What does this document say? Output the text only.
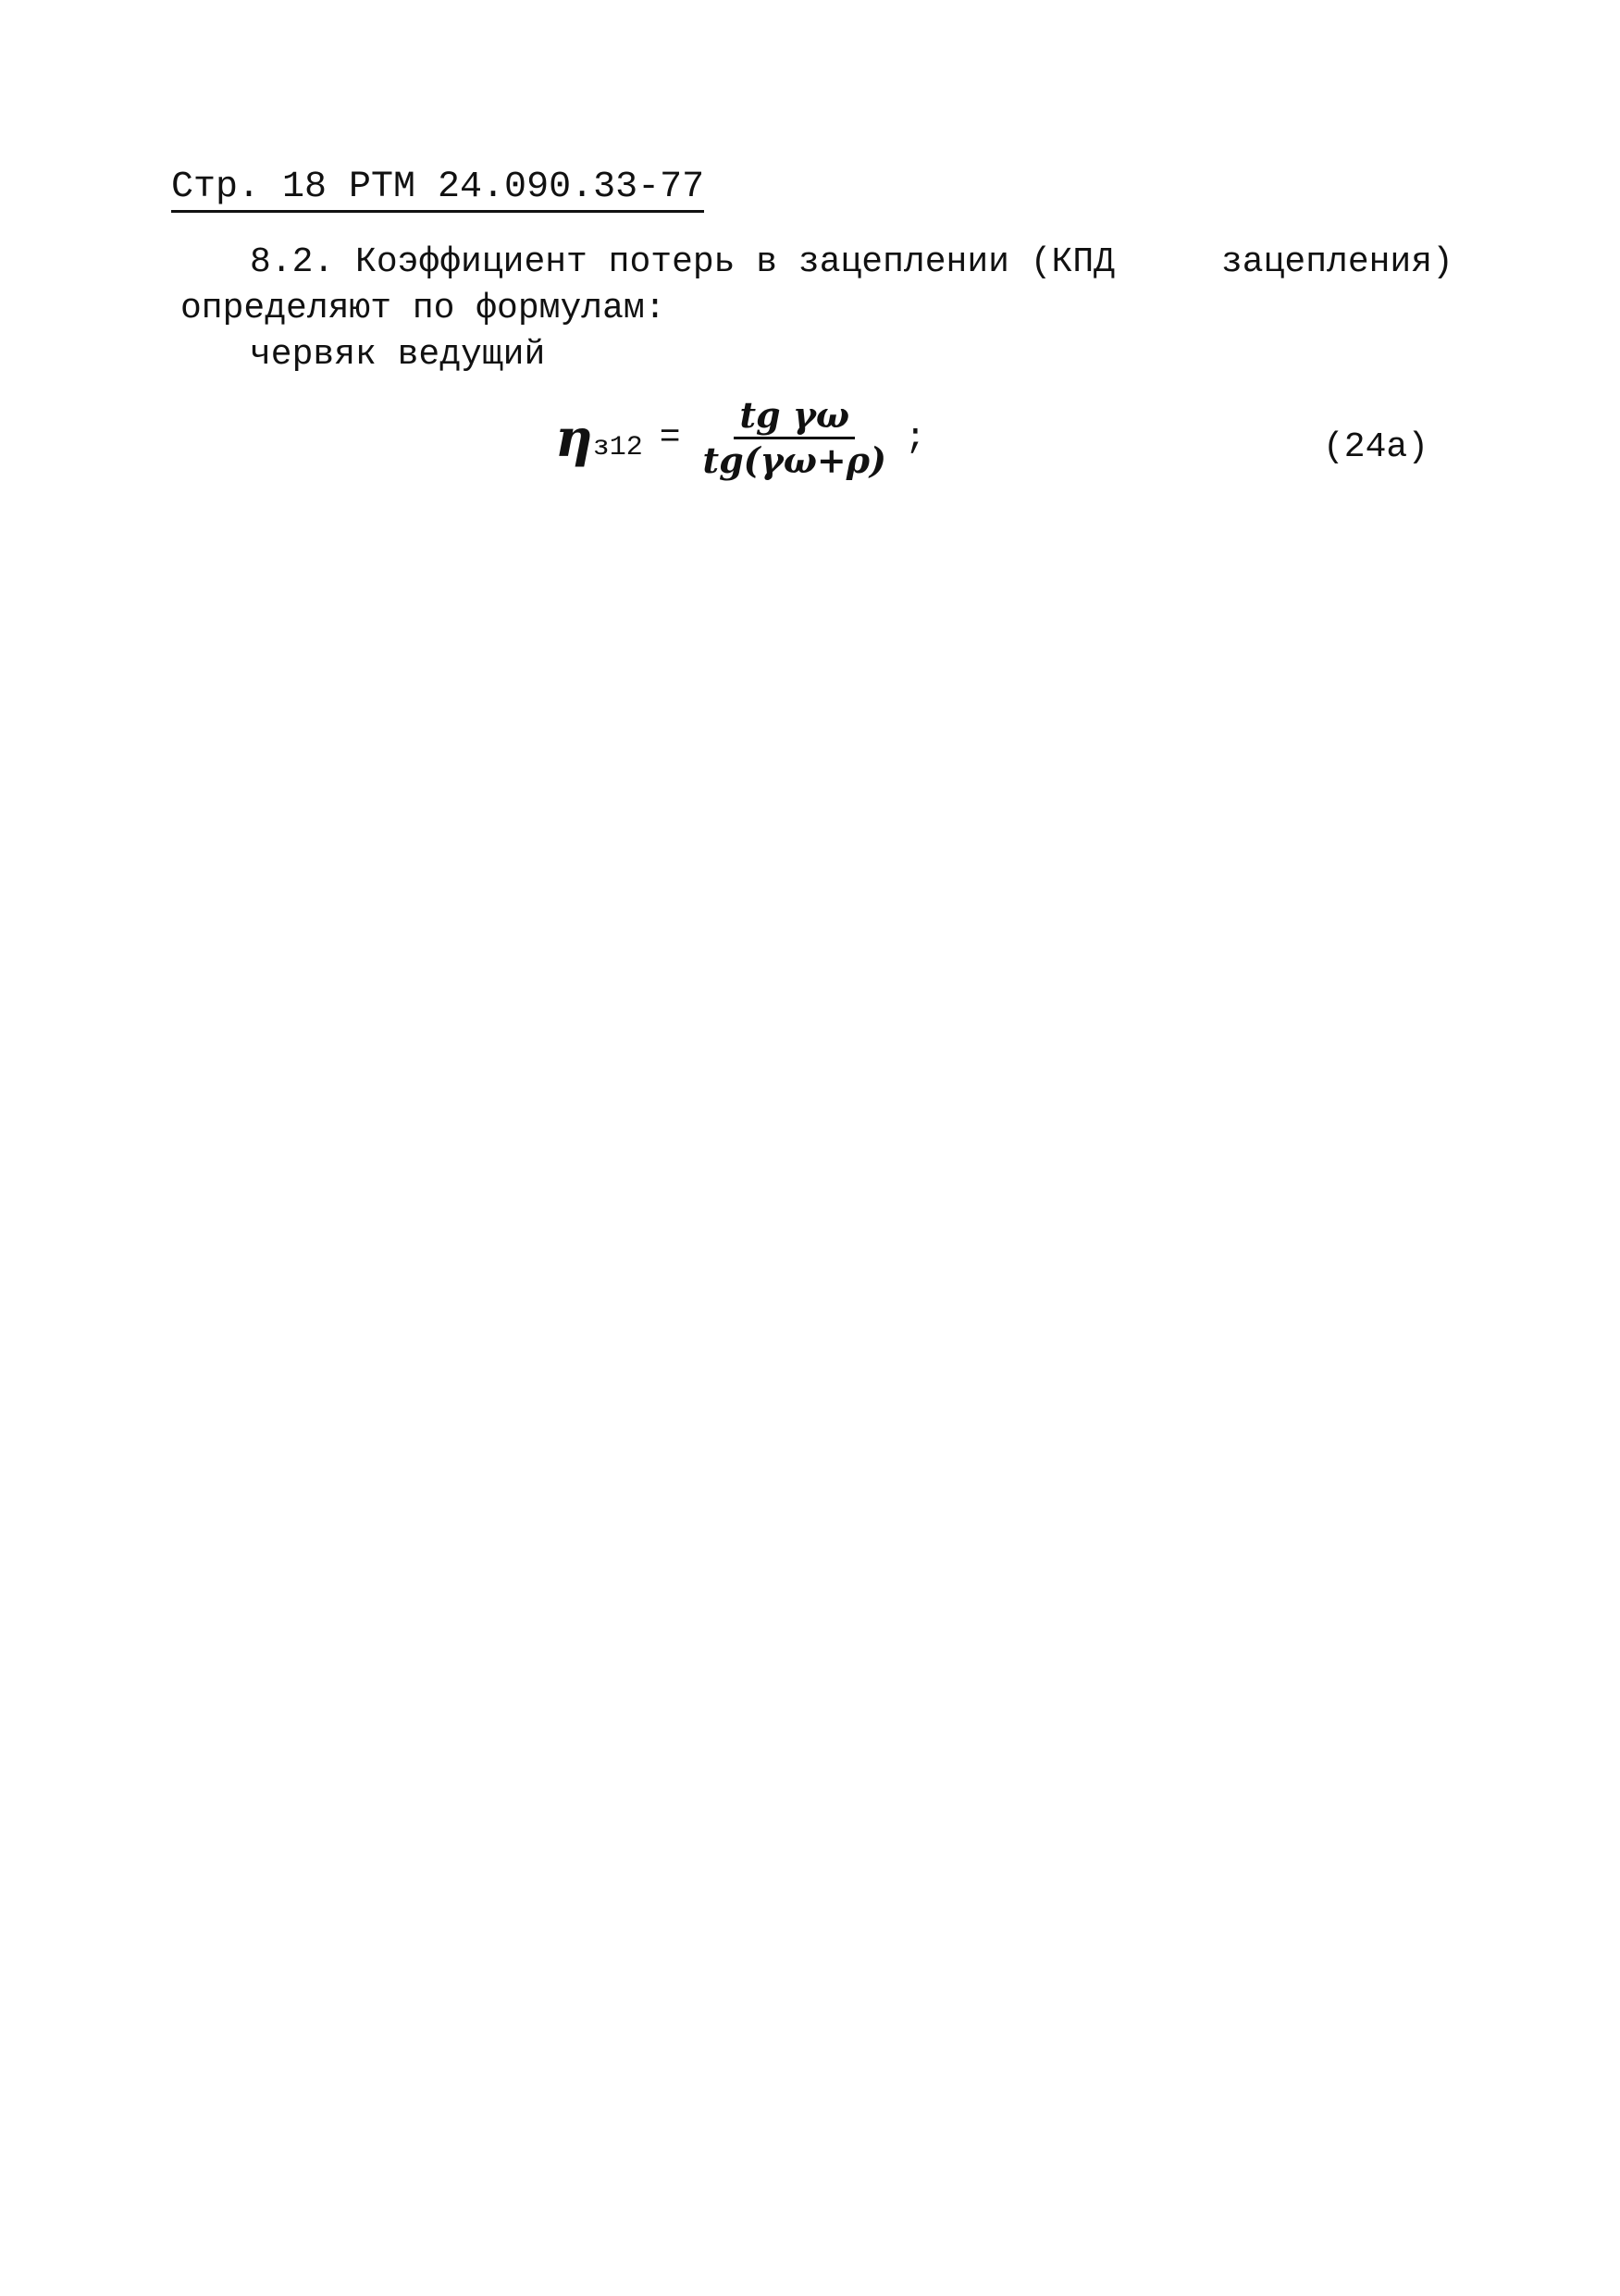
Стр. 18 РТМ 24.090.33-77
8.2. Коэффициент потерь в зацеплении (КПД	зацепления)
определяют по формулам:
червяк ведущий
η $з12 = \frac{\text{tg γω}}{tg(\gamma\omega+\rho)}$ ;	(24а)
